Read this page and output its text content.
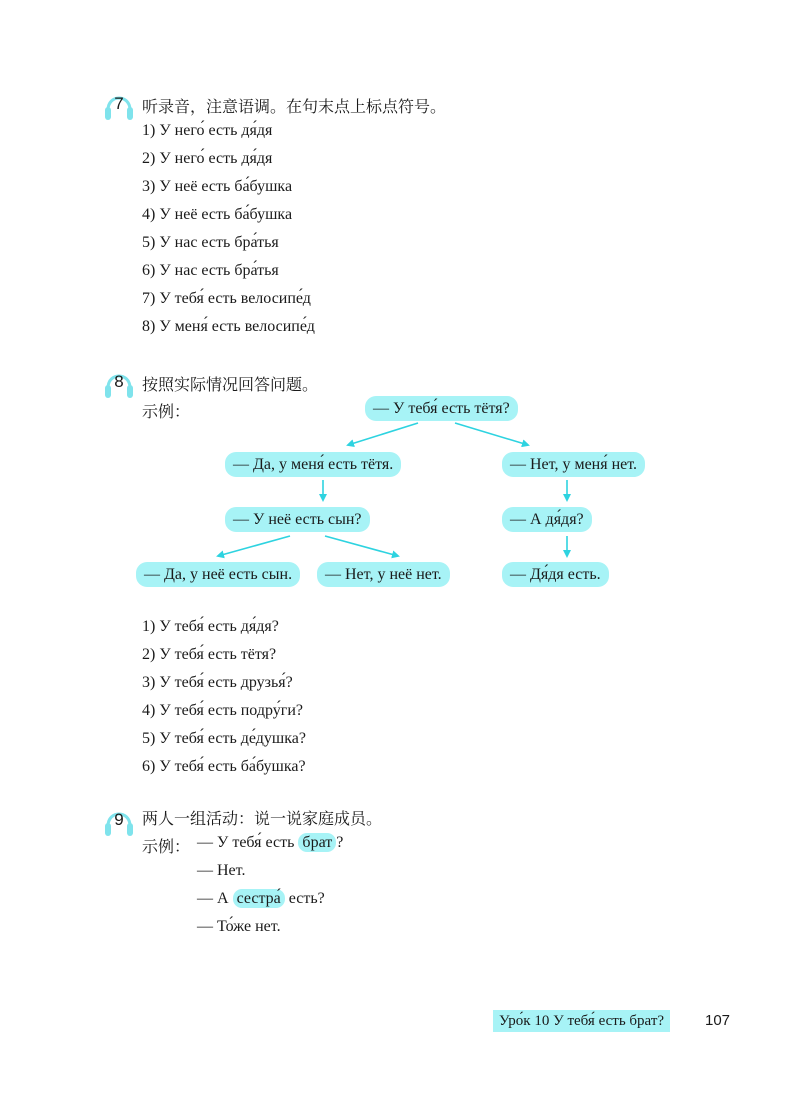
7	听录音，注意语调。在句末点上标点符号。
1) У него́ есть дя́дя
2) У него́ есть дя́дя
3) У неё есть ба́бушка
4) У неё есть ба́бушка
5) У нас есть бра́тья
6) У нас есть бра́тья
7) У тебя́ есть велосипе́д
8) У меня́ есть велосипе́д
8	按照实际情况回答问题。
示例：	— У тебя́ есть тётя?
— Да, у меня́ есть тётя.	— Нет, у меня́ нет.
— У неё есть сын?	— А дя́дя?
— Да, у неё есть сын.	— Нет, у неё нет.	— Дя́дя есть.
1) У тебя́ есть дя́дя?
2) У тебя́ есть тётя?
3) У тебя́ есть друзья́?
4) У тебя́ есть подру́ги?
5) У тебя́ есть де́душка?
6) У тебя́ есть ба́бушка?
9	两人一组活动：说一说家庭成员。
示例： — У тебя́ есть брат ?
— Нет.
— А сестра́ есть?
— То́же нет.
Уро́к 10 У тебя́ есть брат?	107
